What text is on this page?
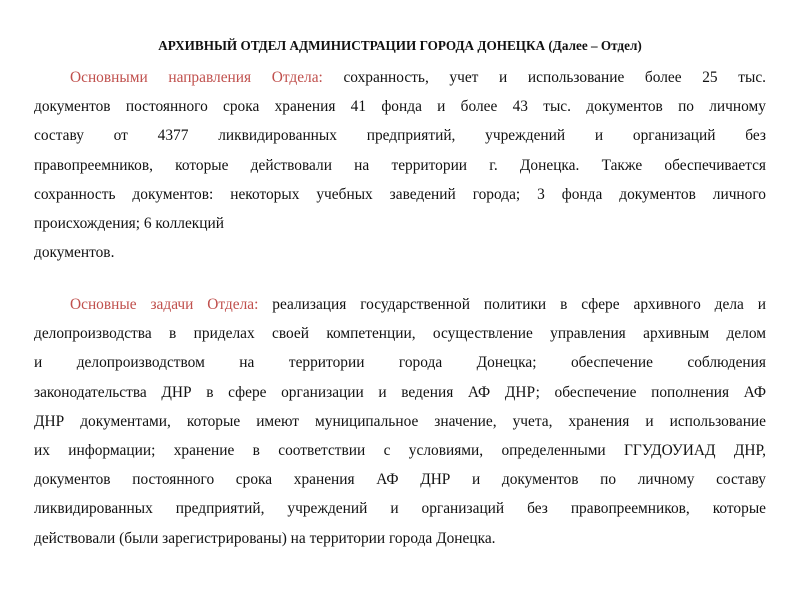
АРХИВНЫЙ ОТДЕЛ АДМИНИСТРАЦИИ ГОРОДА ДОНЕЦКА (Далее – Отдел)
Основными направления Отдела: сохранность, учет и использование более 25 тыс.
документов постоянного срока хранения 41 фонда и более 43 тыс. документов по личному
составу от 4377 ликвидированных предприятий, учреждений и организаций без
правопреемников, которые действовали на территории г. Донецка. Также обеспечивается
сохранность документов: некоторых учебных заведений города; 3 фонда документов личного
происхождения; 6 коллекций
документов.
Основные задачи Отдела: реализация государственной политики в сфере архивного дела и
делопроизводства в приделах своей компетенции, осуществление управления архивным делом
и делопроизводством на территории города Донецка; обеспечение соблюдения
законодательства ДНР в сфере организации и ведения АФ ДНР; обеспечение пополнения АФ
ДНР документами, которые имеют муниципальное значение, учета, хранения и использование
их информации; хранение в соответствии с условиями, определенными ГГУДОУИАД ДНР,
документов постоянного срока хранения АФ ДНР и документов по личному составу
ликвидированных предприятий, учреждений и организаций без правопреемников, которые
действовали (были зарегистрированы) на территории города Донецка.
